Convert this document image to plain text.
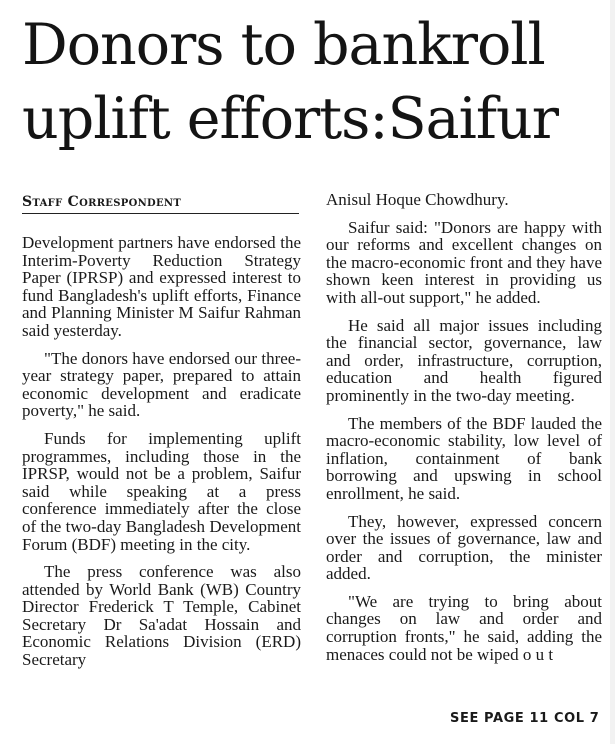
Donors to bankroll
uplift efforts:Saifur
Staff Correspondent

Development partners have endorsed the Interim-Poverty Reduction Strategy Paper (IPRSP) and expressed interest to fund Bangladesh's uplift efforts, Finance and Planning Minister M Saifur Rahman said yesterday.

"The donors have endorsed our three-year strategy paper, prepared to attain economic development and eradicate poverty," he said.

Funds for implementing uplift programmes, including those in the IPRSP, would not be a problem, Saifur said while speaking at a press conference immediately after the close of the two-day Bangladesh Development Forum (BDF) meeting in the city.

The press conference was also attended by World Bank (WB) Country Director Frederick T Temple, Cabinet Secretary Dr Sa'adat Hossain and Economic Relations Division (ERD) Secretary

Anisul Hoque Chowdhury.

Saifur said: "Donors are happy with our reforms and excellent changes on the macro-economic front and they have shown keen interest in providing us with all-out support," he added.

He said all major issues including the financial sector, governance, law and order, infrastructure, corruption, education and health figured prominently in the two-day meeting.

The members of the BDF lauded the macro-economic stability, low level of inflation, containment of bank borrowing and upswing in school enrollment, he said.

They, however, expressed concern over the issues of governance, law and order and corruption, the minister added.

"We are trying to bring about changes on law and order and corruption fronts," he said, adding the menaces could not be wiped o u t

SEE PAGE 11 COL 7
